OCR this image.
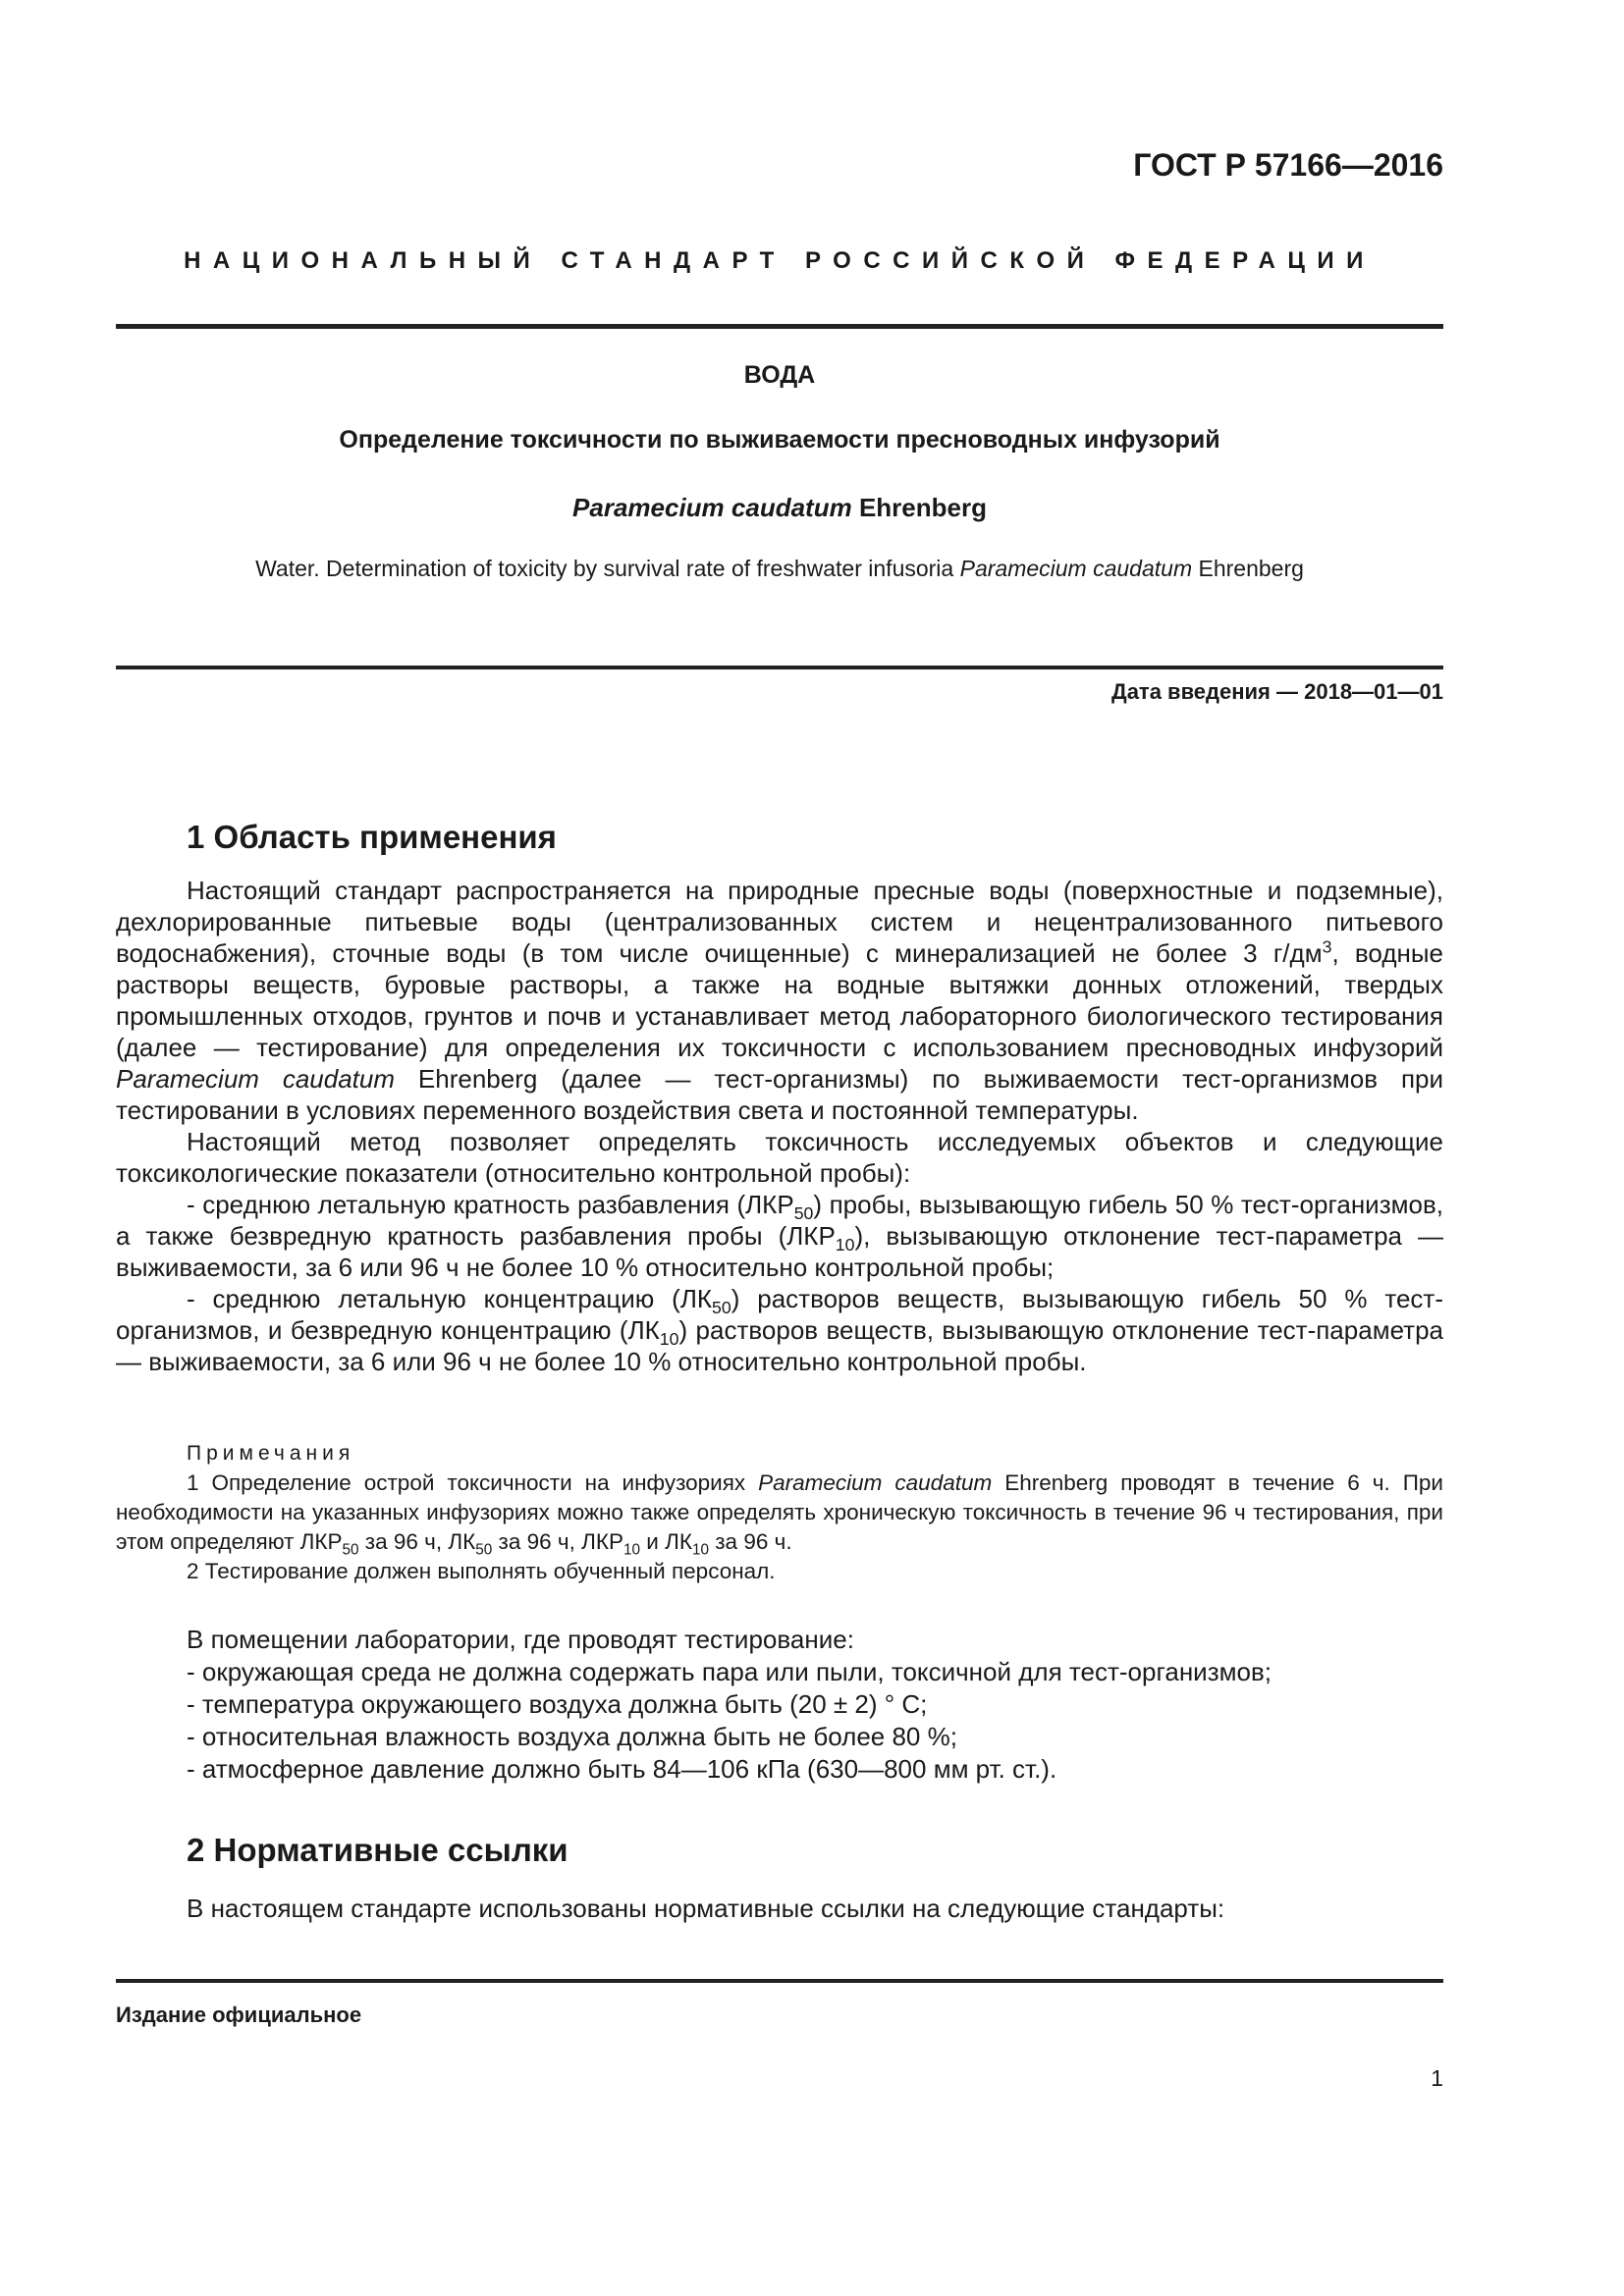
ГОСТ Р 57166—2016
НАЦИОНАЛЬНЫЙ СТАНДАРТ РОССИЙСКОЙ ФЕДЕРАЦИИ
ВОДА
Определение токсичности по выживаемости пресноводных инфузорий
Paramecium caudatum Ehrenberg
Water. Determination of toxicity by survival rate of freshwater infusoria Paramecium caudatum Ehrenberg
Дата введения — 2018—01—01
1 Область применения

Настоящий стандарт распространяется на природные пресные воды (поверхностные и подземные), дехлорированные питьевые воды (централизованных систем и нецентрализованного питьевого водоснабжения), сточные воды (в том числе очищенные) с минерализацией не более 3 $г/дм^3$, водные растворы веществ, буровые растворы, а также на водные вытяжки донных отложений, твердых промышленных отходов, грунтов и почв и устанавливает метод лабораторного биологического тестирования (далее — тестирование) для определения их токсичности с использованием пресноводных инфузорий Paramecium caudatum Ehrenberg (далее — тест-организмы) по выживаемости тест-организмов при тестировании в условиях переменного воздействия света и постоянной температуры.

Настоящий метод позволяет определять токсичность исследуемых объектов и следующие токсикологические показатели (относительно контрольной пробы):

- среднюю летальную кратность разбавления $(ЛКР_{50})$ пробы, вызывающую гибель 50 % тест-организмов, а также безвредную кратность разбавления пробы $(ЛКР_{10})$, вызывающую отклонение тест-параметра — выживаемости, за 6 или 96 ч не более 10 % относительно контрольной пробы;

- среднюю летальную концентрацию $(ЛК_{50})$ растворов веществ, вызывающую гибель 50 % тест-организмов, и безвредную концентрацию $(ЛК_{10})$ растворов веществ, вызывающую отклонение тест-параметра — выживаемости, за 6 или 96 ч не более 10 % относительно контрольной пробы.

Примечания

1 Определение острой токсичности на инфузориях Paramecium caudatum Ehrenberg проводят в течение 6 ч. При необходимости на указанных инфузориях можно также определять хроническую токсичность в течение 96 ч тестирования, при этом определяют $ЛКР_{50}$ за 96 ч, $ЛК_{50}$ за 96 ч, $ЛКР_{10}$ и $ЛК_{10}$ за 96 ч.

2 Тестирование должен выполнять обученный персонал.

В помещении лаборатории, где проводят тестирование:

- окружающая среда не должна содержать пара или пыли, токсичной для тест-организмов;

- температура окружающего воздуха должна быть (20 ± 2) ° С;

- относительная влажность воздуха должна быть не более 80 %;

- атмосферное давление должно быть 84—106 кПа (630—800 мм рт. ст.).

2 Нормативные ссылки

В настоящем стандарте использованы нормативные ссылки на следующие стандарты:

Издание официальное
1
